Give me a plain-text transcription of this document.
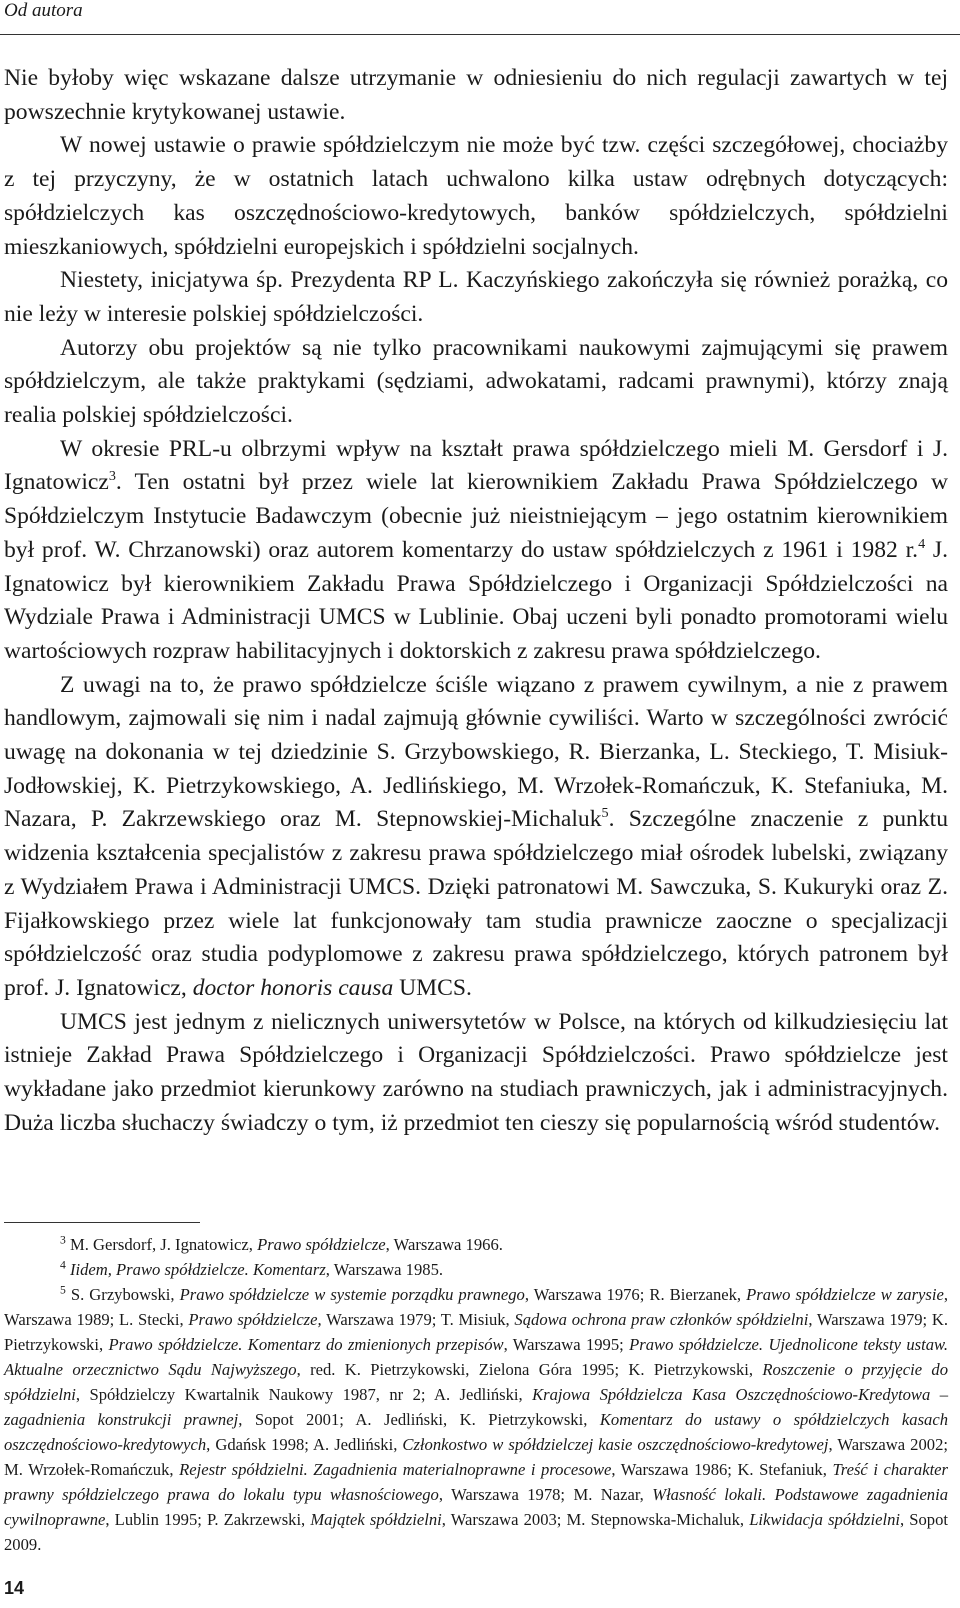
Od autora

Nie byłoby więc wskazane dalsze utrzymanie w odniesieniu do nich regulacji zawartych w tej powszechnie krytykowanej ustawie.

W nowej ustawie o prawie spółdzielczym nie może być tzw. części szczegółowej, chociażby z tej przyczyny, że w ostatnich latach uchwalono kilka ustaw odrębnych dotyczących: spółdzielczych kas oszczędnościowo-kredytowych, banków spółdzielczych, spółdzielni mieszkaniowych, spółdzielni europejskich i spółdzielni socjalnych.

Niestety, inicjatywa śp. Prezydenta RP L. Kaczyńskiego zakończyła się również porażką, co nie leży w interesie polskiej spółdzielczości.

Autorzy obu projektów są nie tylko pracownikami naukowymi zajmującymi się prawem spółdzielczym, ale także praktykami (sędziami, adwokatami, radcami prawnymi), którzy znają realia polskiej spółdzielczości.

W okresie PRL-u olbrzymi wpływ na kształt prawa spółdzielczego mieli M. Gersdorf i J. Ignatowicz$^3$. Ten ostatni był przez wiele lat kierownikiem Zakładu Prawa Spółdzielczego w Spółdzielczym Instytucie Badawczym (obecnie już nieistniejącym – jego ostatnim kierownikiem był prof. W. Chrzanowski) oraz autorem komentarzy do ustaw spółdzielczych z 1961 i 1982 r.$^4$ J. Ignatowicz był kierownikiem Zakładu Prawa Spółdzielczego i Organizacji Spółdzielczości na Wydziale Prawa i Administracji UMCS w Lublinie. Obaj uczeni byli ponadto promotorami wielu wartościowych rozpraw habilitacyjnych i doktorskich z zakresu prawa spółdzielczego.

Z uwagi na to, że prawo spółdzielcze ściśle wiązano z prawem cywilnym, a nie z prawem handlowym, zajmowali się nim i nadal zajmują głównie cywiliści. Warto w szczególności zwrócić uwagę na dokonania w tej dziedzinie S. Grzybowskiego, R. Bierzanka, L. Steckiego, T. Misiuk-Jodłowskiej, K. Pietrzykowskiego, A. Jedlińskiego, M. Wrzołek-Romańczuk, K. Stefaniuka, M. Nazara, P. Zakrzewskiego oraz M. Stepnowskiej-Michaluk$^5$. Szczególne znaczenie z punktu widzenia kształcenia specjalistów z zakresu prawa spółdzielczego miał ośrodek lubelski, związany z Wydziałem Prawa i Administracji UMCS. Dzięki patronatowi M. Sawczuka, S. Kukuryki oraz Z. Fijałkowskiego przez wiele lat funkcjonowały tam studia prawnicze zaoczne o specjalizacji spółdzielczość oraz studia podyplomowe z zakresu prawa spółdzielczego, których patronem był prof. J. Ignatowicz, doctor honoris causa UMCS.

UMCS jest jednym z nielicznych uniwersytetów w Polsce, na których od kilkudziesięciu lat istnieje Zakład Prawa Spółdzielczego i Organizacji Spółdzielczości. Prawo spółdzielcze jest wykładane jako przedmiot kierunkowy zarówno na studiach prawniczych, jak i administracyjnych. Duża liczba słuchaczy świadczy o tym, iż przedmiot ten cieszy się popularnością wśród studentów.

$^3$ M. Gersdorf, J. Ignatowicz, Prawo spółdzielcze, Warszawa 1966.

$^4$ Iidem, Prawo spółdzielcze. Komentarz, Warszawa 1985.

$^5$ S. Grzybowski, Prawo spółdzielcze w systemie porządku prawnego, Warszawa 1976; R. Bierzanek, Prawo spółdzielcze w zarysie, Warszawa 1989; L. Stecki, Prawo spółdzielcze, Warszawa 1979; T. Misiuk, Sądowa ochrona praw członków spółdzielni, Warszawa 1979; K. Pietrzykowski, Prawo spółdzielcze. Komentarz do zmienionych przepisów, Warszawa 1995; Prawo spółdzielcze. Ujednolicone teksty ustaw. Aktualne orzecznictwo Sądu Najwyższego, red. K. Pietrzykowski, Zielona Góra 1995; K. Pietrzykowski, Roszczenie o przyjęcie do spółdzielni, Spółdzielczy Kwartalnik Naukowy 1987, nr 2; A. Jedliński, Krajowa Spółdzielcza Kasa Oszczędnościowo-Kredytowa – zagadnienia konstrukcji prawnej, Sopot 2001; A. Jedliński, K. Pietrzykowski, Komentarz do ustawy o spółdzielczych kasach oszczędnościowo-kredytowych, Gdańsk 1998; A. Jedliński, Członkostwo w spółdzielczej kasie oszczędnościowo-kredytowej, Warszawa 2002; M. Wrzołek-Romańczuk, Rejestr spółdzielni. Zagadnienia materialnoprawne i procesowe, Warszawa 1986; K. Stefaniuk, Treść i charakter prawny spółdzielczego prawa do lokalu typu własnościowego, Warszawa 1978; M. Nazar, Własność lokali. Podstawowe zagadnienia cywilnoprawne, Lublin 1995; P. Zakrzewski, Majątek spółdzielni, Warszawa 2003; M. Stepnowska-Michaluk, Likwidacja spółdzielni, Sopot 2009.

14
